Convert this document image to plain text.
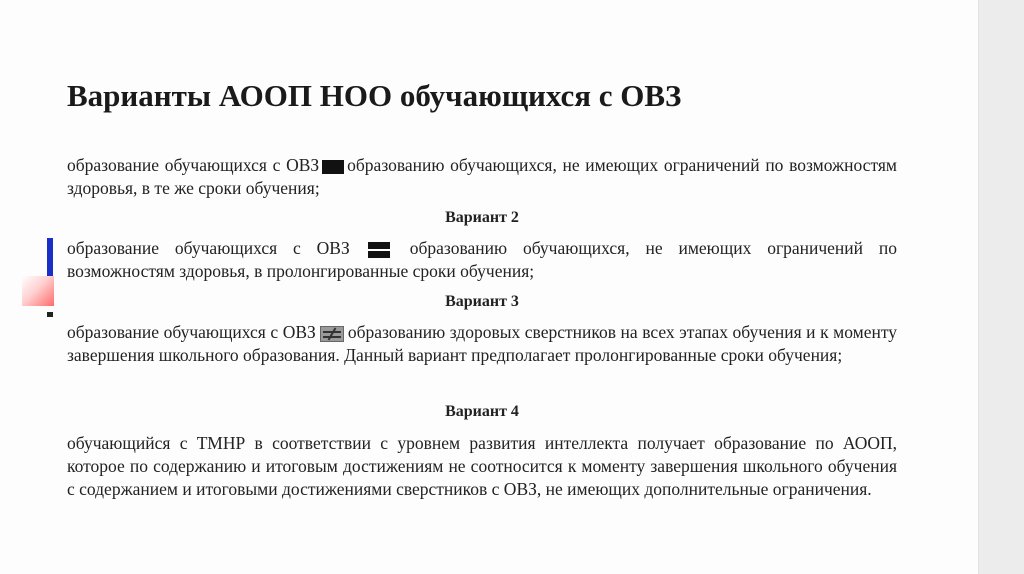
Варианты АООП НОО обучающихся с ОВЗ

образование обучающихся с ОВЗ образованию обучающихся, не имеющих ограничений по возможностям здоровья, в те же сроки обучения;

Вариант 2

образование обучающихся с ОВЗ	образованию обучающихся, не имеющих ограничений по возможностям здоровья, в пролонгированные сроки обучения;

Вариант 3

образование обучающихся с ОВЗ образованию здоровых сверстников на всех этапах обучения и к моменту завершения школьного образования. Данный вариант предполагает пролонгированные сроки обучения;

Вариант 4

обучающийся с ТМНР в соответствии с уровнем развития интеллекта получает образование по АООП, которое по содержанию и итоговым достижениям не соотносится к моменту завершения школьного обучения с содержанием и итоговыми достижениями сверстников с ОВЗ, не имеющих дополнительные ограничения.
